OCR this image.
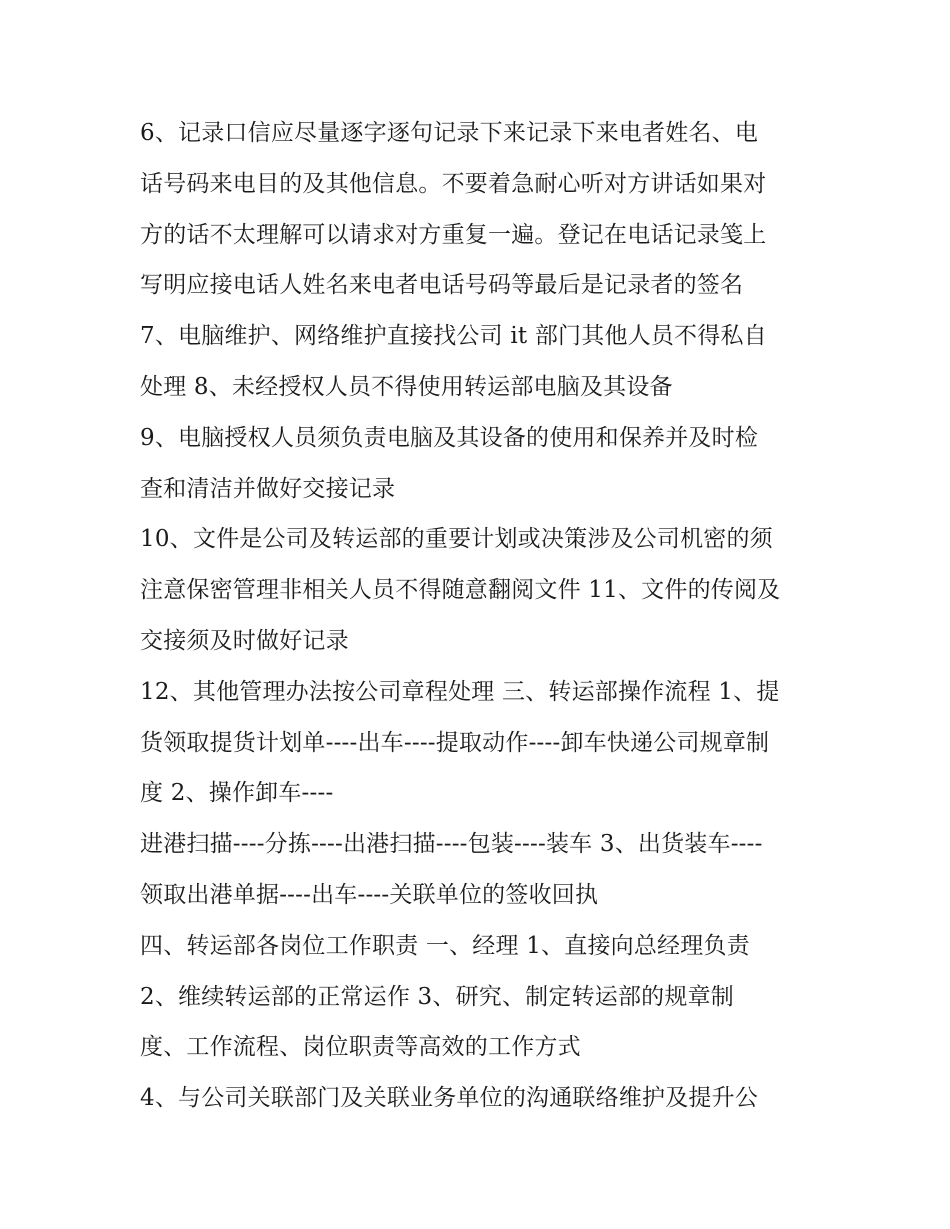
6、记录口信应尽量逐字逐句记录下来记录下来电者姓名、电
话号码来电目的及其他信息。不要着急耐心听对方讲话如果对
方的话不太理解可以请求对方重复一遍。登记在电话记录笺上
写明应接电话人姓名来电者电话号码等最后是记录者的签名
7、电脑维护、网络维护直接找公司 it 部门其他人员不得私自
处理 8、未经授权人员不得使用转运部电脑及其设备
9、电脑授权人员须负责电脑及其设备的使用和保养并及时检
查和清洁并做好交接记录
10、文件是公司及转运部的重要计划或决策涉及公司机密的须
注意保密管理非相关人员不得随意翻阅文件 11、文件的传阅及
交接须及时做好记录
12、其他管理办法按公司章程处理 三、转运部操作流程 1、提
货领取提货计划单----出车----提取动作----卸车快递公司规章制
度 2、操作卸车----
进港扫描----分拣----出港扫描----包装----装车 3、出货装车----
领取出港单据----出车----关联单位的签收回执
四、转运部各岗位工作职责 一、经理 1、直接向总经理负责
2、维续转运部的正常运作 3、研究、制定转运部的规章制
度、工作流程、岗位职责等高效的工作方式
4、与公司关联部门及关联业务单位的沟通联络维护及提升公
